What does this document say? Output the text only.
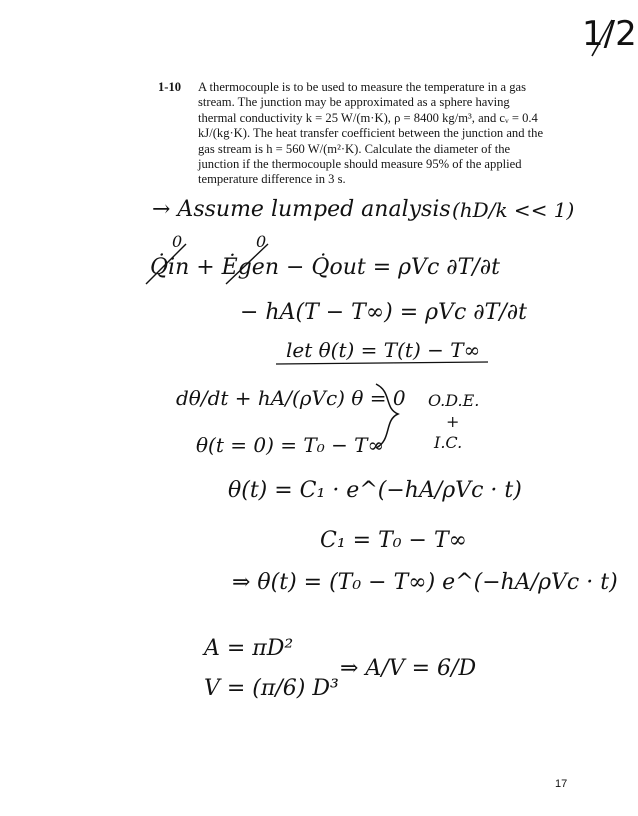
1/2
1-10 A thermocouple is to be used to measure the temperature in a gas
stream. The junction may be approximated as a sphere having
thermal conductivity k = 25 W/(m·K), ρ = 8400 kg/m³, and cᵥ = 0.4
kJ/(kg·K). The heat transfer coefficient between the junction and the
gas stream is h = 560 W/(m²·K). Calculate the diameter of the
junction if the thermocouple should measure 95% of the applied
temperature difference in 3 s.
→ Assume lumped analysis (hD/k << 1)
0	0
Q̇in + Ėgen − Q̇out = ρVc ∂T/∂t
− hA(T − T∞) = ρVc ∂T/∂t
let θ(t) = T(t) − T∞
dθ/dt + hA/(ρVc) θ = 0
θ(t = 0) = T₀ − T∞
O.D.E.
+
I.C.
θ(t) = C₁ · e^(−hA/ρVc · t)
C₁ = T₀ − T∞
⇒ θ(t) = (T₀ − T∞) e^(−hA/ρVc · t)
A = πD²
V = (π/6) D³
⇒ A/V = 6/D
17
